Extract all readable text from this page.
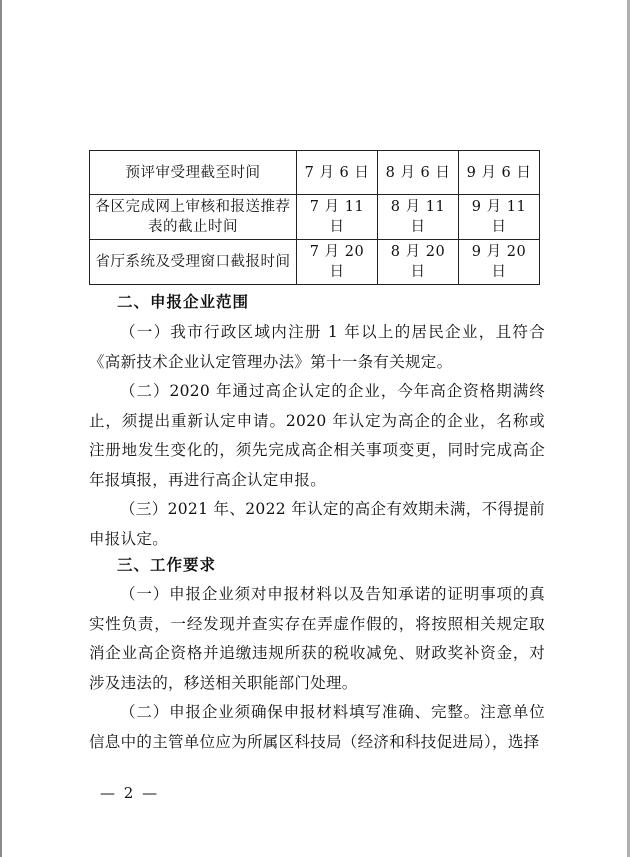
预评审受理截至时间	7 月 6 日	8 月 6 日	9 月 6 日
各区完成网上审核和报送推荐表的截止时间	7 月 11 日	8 月 11 日	9 月 11 日
省厅系统及受理窗口截报时间	7 月 20 日	8 月 20 日	9 月 20 日
二、申报企业范围

（一）我市行政区域内注册 1 年以上的居民企业，且符合《高新技术企业认定管理办法》第十一条有关规定。

（二）2020 年通过高企认定的企业，今年高企资格期满终止，须提出重新认定申请。2020 年认定为高企的企业，名称或注册地发生变化的，须先完成高企相关事项变更，同时完成高企年报填报，再进行高企认定申报。

（三）2021 年、2022 年认定的高企有效期未满，不得提前申报认定。

三、工作要求

（一）申报企业须对申报材料以及告知承诺的证明事项的真实性负责，一经发现并查实存在弄虚作假的，将按照相关规定取消企业高企资格并追缴违规所获的税收减免、财政奖补资金，对涉及违法的，移送相关职能部门处理。

（二）申报企业须确保申报材料填写准确、完整。注意单位信息中的主管单位应为所属区科技局（经济和科技促进局），选择

— 2 —
